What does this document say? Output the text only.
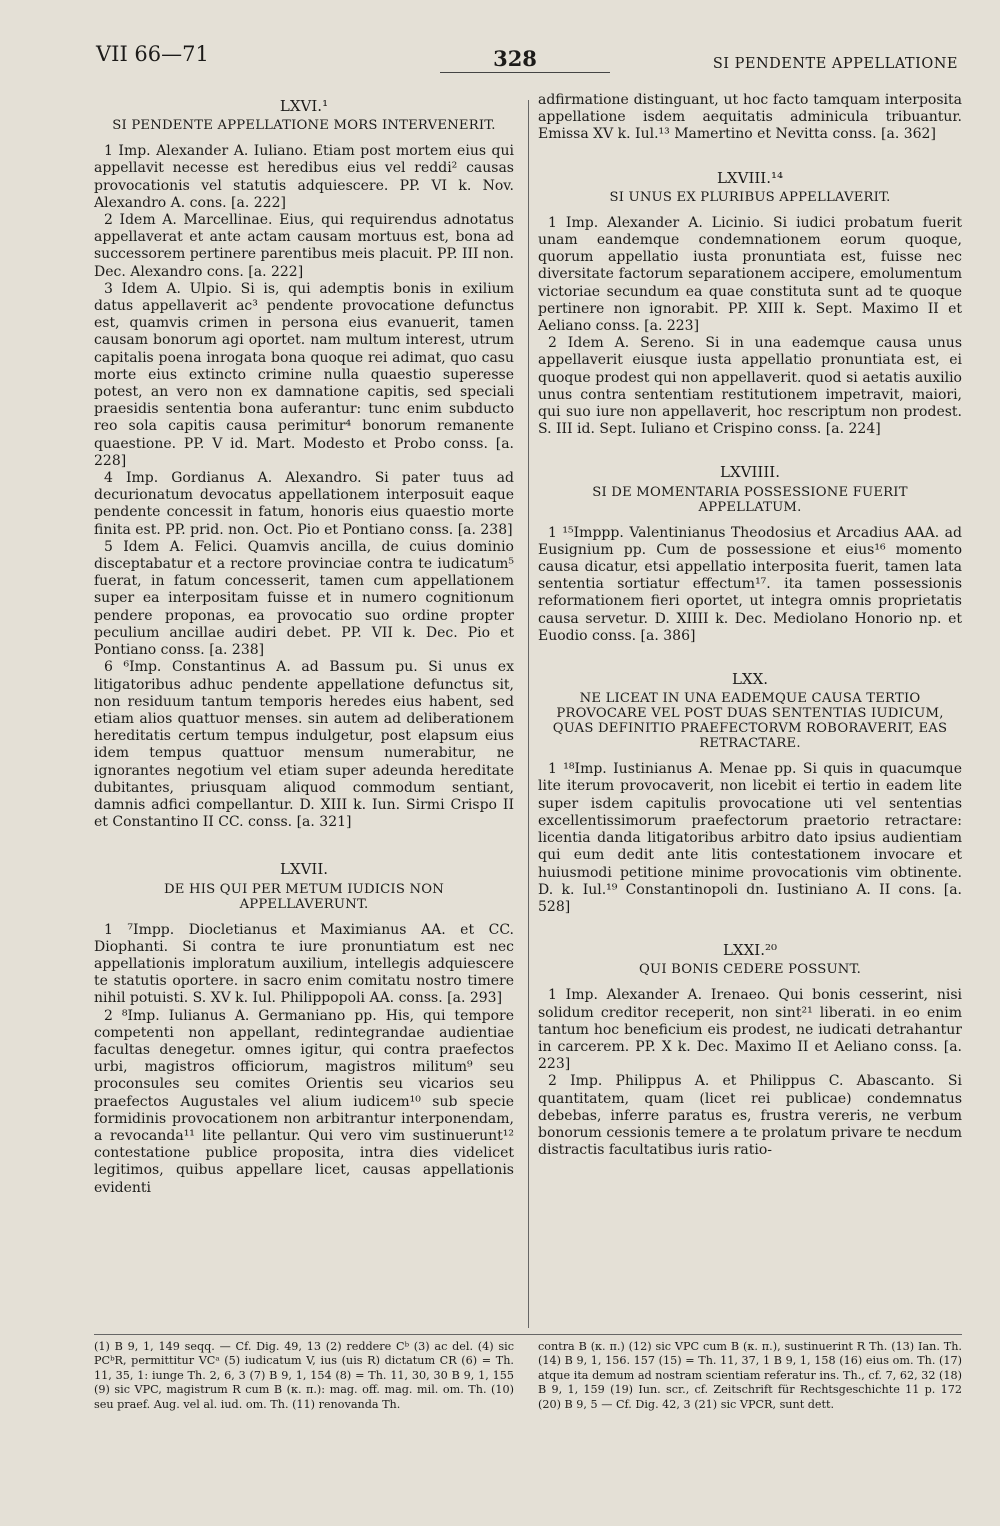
VII 66—71	328	SI PENDENTE APPELLATIONE
LXVI.¹
SI PENDENTE APPELLATIONE MORS INTERVENERIT.

1 Imp. Alexander A. Iuliano. Etiam post mortem eius qui appellavit necesse est heredibus eius vel reddi² causas provocationis vel statutis adquiescere. PP. VI k. Nov. Alexandro A. cons. [a. 222]

2 Idem A. Marcellinae. Eius, qui requirendus adnotatus appellaverat et ante actam causam mortuus est, bona ad successorem pertinere parentibus meis placuit. PP. III non. Dec. Alexandro cons. [a. 222]

3 Idem A. Ulpio. Si is, qui ademptis bonis in exilium datus appellaverit ac³ pendente provocatione defunctus est, quamvis crimen in persona eius evanuerit, tamen causam bonorum agi oportet. nam multum interest, utrum capitalis poena inrogata bona quoque rei adimat, quo casu morte eius extincto crimine nulla quaestio superesse potest, an vero non ex damnatione capitis, sed speciali praesidis sententia bona auferantur: tunc enim subducto reo sola capitis causa perimitur⁴ bonorum remanente quaestione. PP. V id. Mart. Modesto et Probo conss. [a. 228]

4 Imp. Gordianus A. Alexandro. Si pater tuus ad decurionatum devocatus appellationem interposuit eaque pendente concessit in fatum, honoris eius quaestio morte finita est. PP. prid. non. Oct. Pio et Pontiano conss. [a. 238]

5 Idem A. Felici. Quamvis ancilla, de cuius dominio disceptabatur et a rectore provinciae contra te iudicatum⁵ fuerat, in fatum concesserit, tamen cum appellationem super ea interpositam fuisse et in numero cognitionum pendere proponas, ea provocatio suo ordine propter peculium ancillae audiri debet. PP. VII k. Dec. Pio et Pontiano conss. [a. 238]

6 ⁶Imp. Constantinus A. ad Bassum pu. Si unus ex litigatoribus adhuc pendente appellatione defunctus sit, non residuum tantum temporis heredes eius habent, sed etiam alios quattuor menses. sin autem ad deliberationem hereditatis certum tempus indulgetur, post elapsum eius idem tempus quattuor mensum numerabitur, ne ignorantes negotium vel etiam super adeunda hereditate dubitantes, priusquam aliquod commodum sentiant, damnis adfici compellantur. D. XIII k. Iun. Sirmi Crispo II et Constantino II CC. conss. [a. 321]

LXVII.
DE HIS QUI PER METUM IUDICIS NON APPELLAVERUNT.

1 ⁷Impp. Diocletianus et Maximianus AA. et CC. Diophanti. Si contra te iure pronuntiatum est nec appellationis imploratum auxilium, intellegis adquiescere te statutis oportere. in sacro enim comitatu nostro timere nihil potuisti. S. XV k. Iul. Philippopoli AA. conss. [a. 293]

2 ⁸Imp. Iulianus A. Germaniano pp. His, qui tempore competenti non appellant, redintegrandae audientiae facultas denegetur. omnes igitur, qui contra praefectos urbi, magistros officiorum, magistros militum⁹ seu proconsules seu comites Orientis seu vicarios seu praefectos Augustales vel alium iudicem¹⁰ sub specie formidinis provocationem non arbitrantur interponendam, a revocanda¹¹ lite pellantur. Qui vero vim sustinuerunt¹² contestatione publice proposita, intra dies videlicet legitimos, quibus appellare licet, causas appellationis evidenti

adfirmatione distinguant, ut hoc facto tamquam interposita appellatione isdem aequitatis adminicula tribuantur. Emissa XV k. Iul.¹³ Mamertino et Nevitta conss. [a. 362]

LXVIII.¹⁴
SI UNUS EX PLURIBUS APPELLAVERIT.

1 Imp. Alexander A. Licinio. Si iudici probatum fuerit unam eandemque condemnationem eorum quoque, quorum appellatio iusta pronuntiata est, fuisse nec diversitate factorum separationem accipere, emolumentum victoriae secundum ea quae constituta sunt ad te quoque pertinere non ignorabit. PP. XIII k. Sept. Maximo II et Aeliano conss. [a. 223]

2 Idem A. Sereno. Si in una eademque causa unus appellaverit eiusque iusta appellatio pronuntiata est, ei quoque prodest qui non appellaverit. quod si aetatis auxilio unus contra sententiam restitutionem impetravit, maiori, qui suo iure non appellaverit, hoc rescriptum non prodest. S. III id. Sept. Iuliano et Crispino conss. [a. 224]

LXVIIII.
SI DE MOMENTARIA POSSESSIONE FUERIT APPELLATUM.

1 ¹⁵Imppp. Valentinianus Theodosius et Arcadius AAA. ad Eusignium pp. Cum de possessione et eius¹⁶ momento causa dicatur, etsi appellatio interposita fuerit, tamen lata sententia sortiatur effectum¹⁷. ita tamen possessionis reformationem fieri oportet, ut integra omnis proprietatis causa servetur. D. XIIII k. Dec. Mediolano Honorio np. et Euodio conss. [a. 386]

LXX.
NE LICEAT IN UNA EADEMQUE CAUSA TERTIO PROVOCARE VEL POST DUAS SENTENTIAS IUDICUM, QUAS DEFINITIO PRAEFECTORVM ROBORAVERIT, EAS RETRACTARE.

1 ¹⁸Imp. Iustinianus A. Menae pp. Si quis in quacumque lite iterum provocaverit, non licebit ei tertio in eadem lite super isdem capitulis provocatione uti vel sententias excellentissimorum praefectorum praetorio retractare: licentia danda litigatoribus arbitro dato ipsius audientiam qui eum dedit ante litis contestationem invocare et huiusmodi petitione minime provocationis vim obtinente. D. k. Iul.¹⁹ Constantinopoli dn. Iustiniano A. II cons. [a. 528]

LXXI.²⁰
QUI BONIS CEDERE POSSUNT.

1 Imp. Alexander A. Irenaeo. Qui bonis cesserint, nisi solidum creditor receperit, non sint²¹ liberati. in eo enim tantum hoc beneficium eis prodest, ne iudicati detrahantur in carcerem. PP. X k. Dec. Maximo II et Aeliano conss. [a. 223]

2 Imp. Philippus A. et Philippus C. Abascanto. Si quantitatem, quam (licet rei publicae) condemnatus debebas, inferre paratus es, frustra vereris, ne verbum bonorum cessionis temere a te prolatum privare te necdum distractis facultatibus iuris ratio-

(1) B 9, 1, 149 seqq. — Cf. Dig. 49, 13 (2) reddere Cᵇ (3) ac del. (4) sic PCᵇR, permittitur VCᵃ (5) iudicatum V, ius (uis R) dictatum CR (6) = Th. 11, 35, 1: iunge Th. 2, 6, 3 (7) B 9, 1, 154 (8) = Th. 11, 30, 30 B 9, 1, 155 (9) sic VPC, magistrum R cum B (κ. π.): mag. off. mag. mil. om. Th. (10) seu praef. Aug. vel al. iud. om. Th. (11) renovanda Th.
contra B (κ. π.) (12) sic VPC cum B (κ. π.), sustinuerint R Th. (13) Ian. Th. (14) B 9, 1, 156. 157 (15) = Th. 11, 37, 1 B 9, 1, 158 (16) eius om. Th. (17) atque ita demum ad nostram scientiam referatur ins. Th., cf. 7, 62, 32 (18) B 9, 1, 159 (19) Iun. scr., cf. Zeitschrift für Rechtsgeschichte 11 p. 172 (20) B 9, 5 — Cf. Dig. 42, 3 (21) sic VPCR, sunt dett.
